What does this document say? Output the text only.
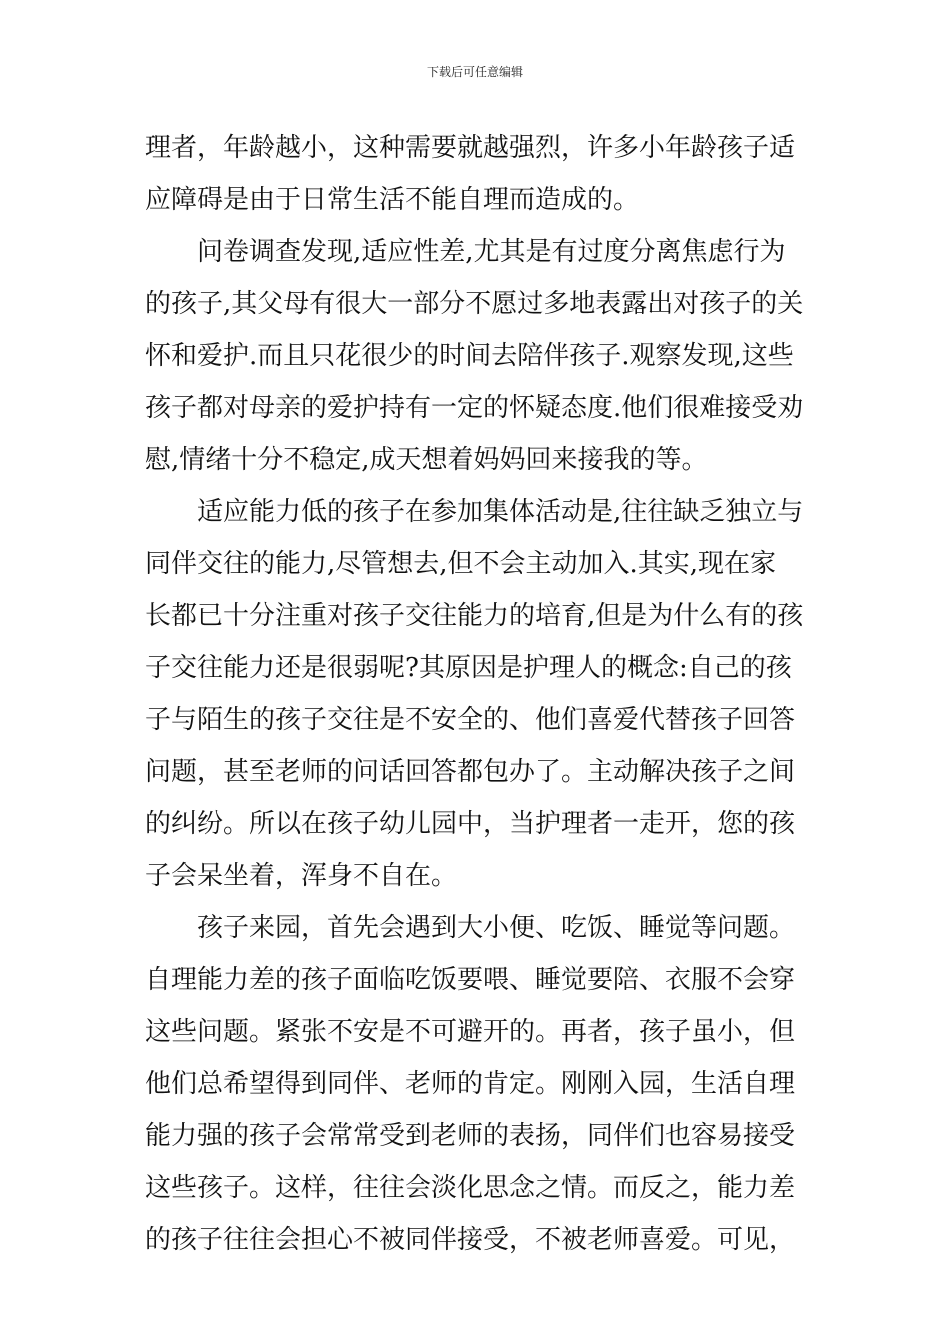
下载后可任意编辑
理者，年龄越小，这种需要就越强烈，许多小年龄孩子适
应障碍是由于日常生活不能自理而造成的。
问卷调查发现,适应性差,尤其是有过度分离焦虑行为
的孩子,其父母有很大一部分不愿过多地表露出对孩子的关
怀和爱护.而且只花很少的时间去陪伴孩子.观察发现,这些
孩子都对母亲的爱护持有一定的怀疑态度.他们很难接受劝
慰,情绪十分不稳定,成天想着妈妈回来接我的等。
适应能力低的孩子在参加集体活动是,往往缺乏独立与
同伴交往的能力,尽管想去,但不会主动加入.其实,现在家
长都已十分注重对孩子交往能力的培育,但是为什么有的孩
子交往能力还是很弱呢?其原因是护理人的概念:自己的孩
子与陌生的孩子交往是不安全的、他们喜爱代替孩子回答
问题，甚至老师的问话回答都包办了。主动解决孩子之间
的纠纷。所以在孩子幼儿园中，当护理者一走开，您的孩
子会呆坐着，浑身不自在。
孩子来园，首先会遇到大小便、吃饭、睡觉等问题。
自理能力差的孩子面临吃饭要喂、睡觉要陪、衣服不会穿
这些问题。紧张不安是不可避开的。再者，孩子虽小，但
他们总希望得到同伴、老师的肯定。刚刚入园，生活自理
能力强的孩子会常常受到老师的表扬，同伴们也容易接受
这些孩子。这样，往往会淡化思念之情。而反之，能力差
的孩子往往会担心不被同伴接受，不被老师喜爱。可见，
